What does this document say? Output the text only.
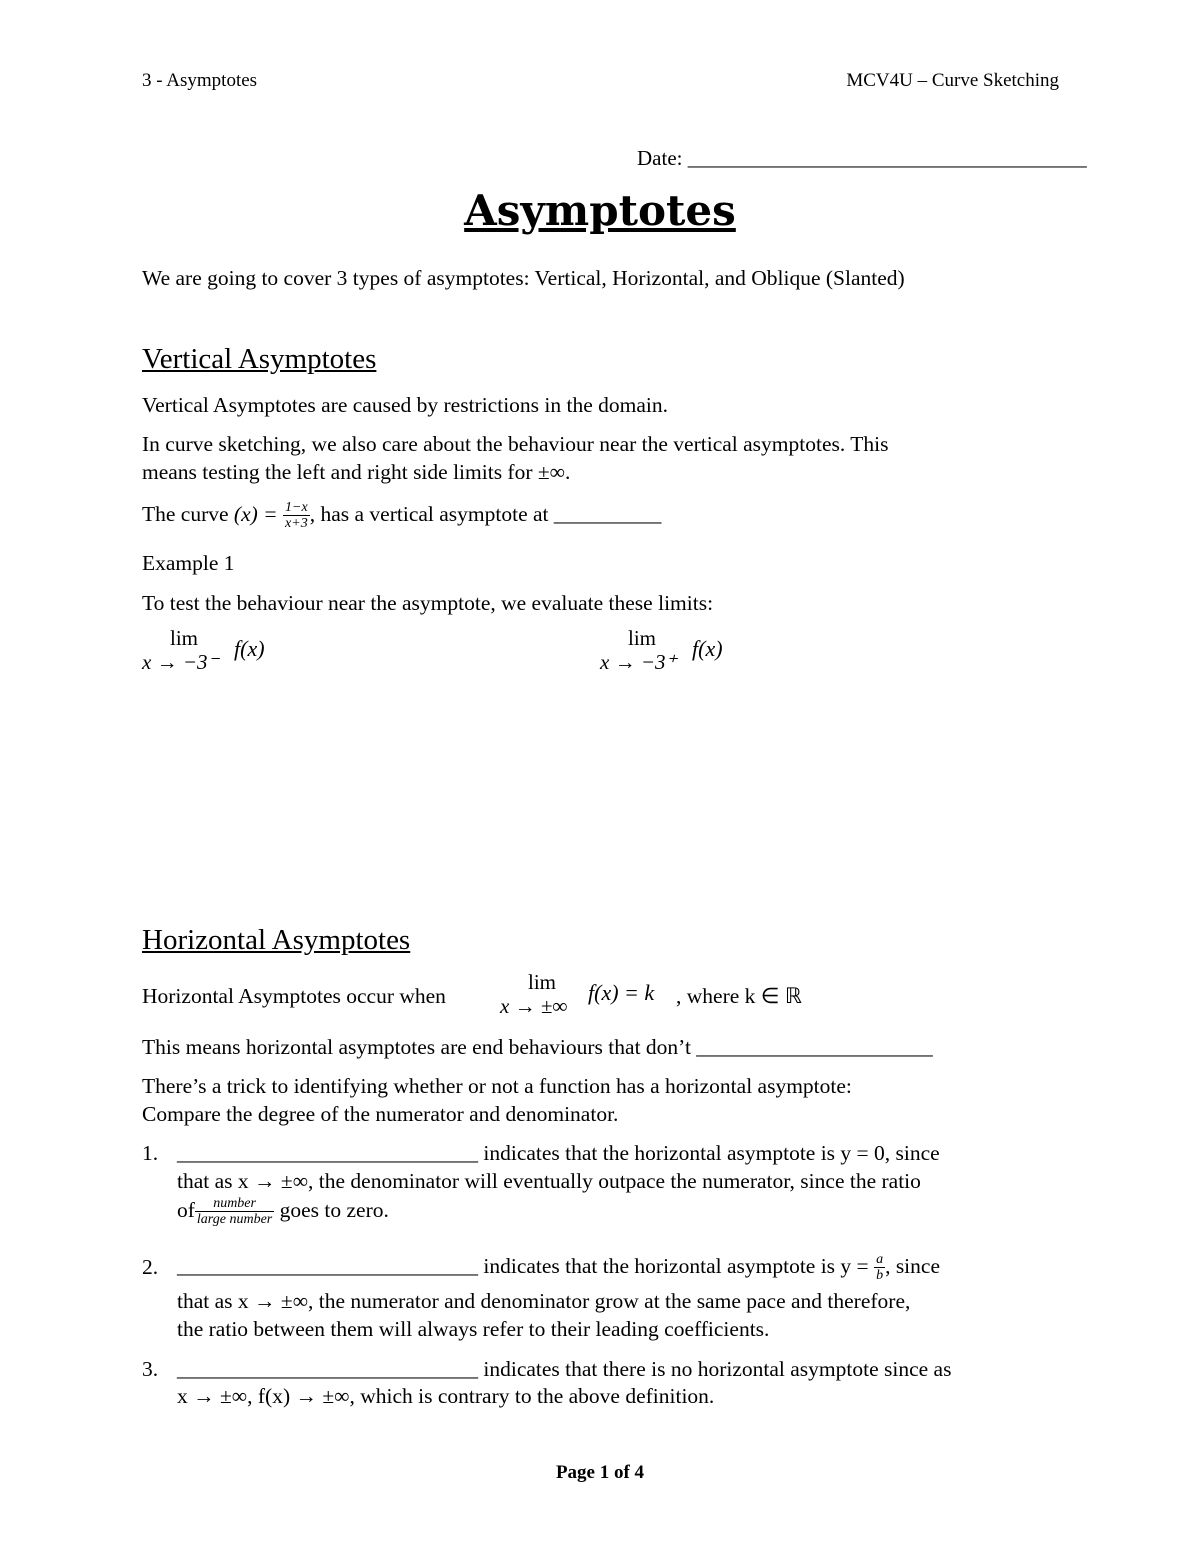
3 - Asymptotes	MCV4U – Curve Sketching
Date: ______________________________________
Asymptotes
We are going to cover 3 types of asymptotes: Vertical, Horizontal, and Oblique (Slanted)
Vertical Asymptotes
Vertical Asymptotes are caused by restrictions in the domain.
In curve sketching, we also care about the behaviour near the vertical asymptotes. This
means testing the left and right side limits for ±∞.
The curve $(x) = \frac{1-x}{x+3}$ , has a vertical asymptote at __________
Example 1
To test the behaviour near the asymptote, we evaluate these limits:
lim
x → −3⁻
f(x)	lim
x → −3⁺
f(x)
Horizontal Asymptotes
Horizontal Asymptotes occur when
lim
x → ±∞
f(x) = k , where k ∈ ℝ
This means horizontal asymptotes are end behaviours that don’t ______________________
There’s a trick to identifying whether or not a function has a horizontal asymptote:
Compare the degree of the numerator and denominator.
1. ____________________________ indicates that the horizontal asymptote is y = 0, since
that as x → ±∞, the denominator will eventually outpace the numerator, since the ratio
of $\frac{\text{number}}{\text{large number}}$ goes to zero.
2. ____________________________ indicates that the horizontal asymptote is $y = \frac{a}{b}$ , since
that as x → ±∞, the numerator and denominator grow at the same pace and therefore,
the ratio between them will always refer to their leading coefficients.
3. ____________________________ indicates that there is no horizontal asymptote since as
x → ±∞, f(x) → ±∞, which is contrary to the above definition.
Page 1 of 4
